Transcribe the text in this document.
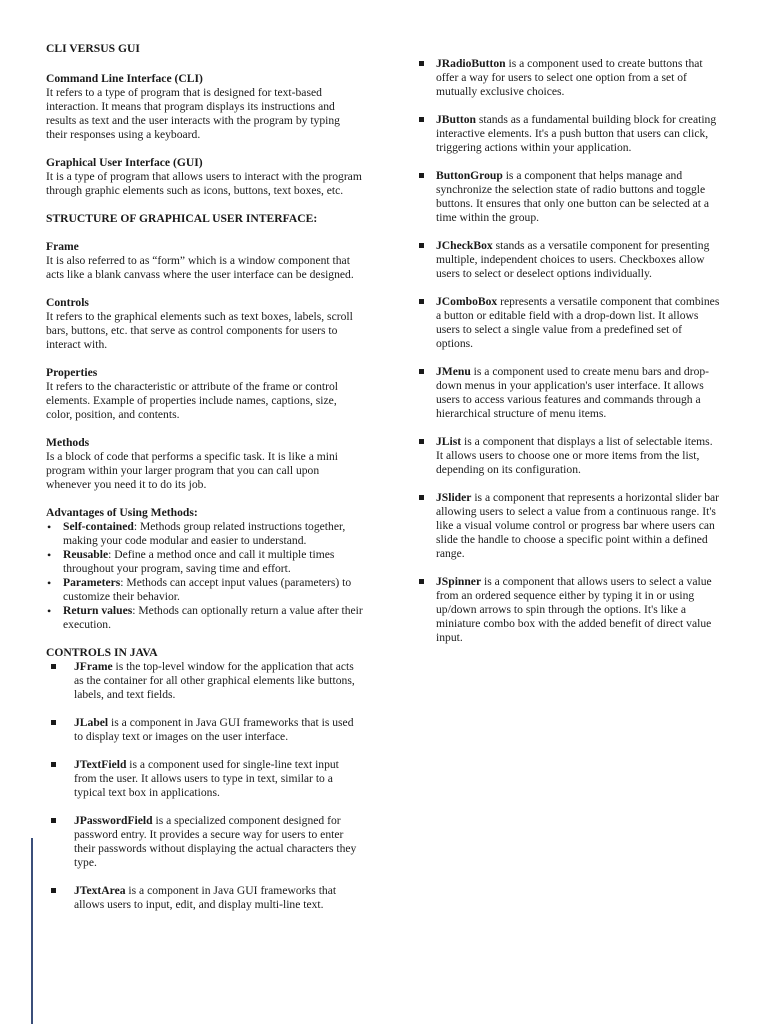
CLI VERSUS GUI
Command Line Interface (CLI)

It refers to a type of program that is designed for text-based interaction. It means that program displays its instructions and results as text and the user interacts with the program by typing their responses using a keyboard.

Graphical User Interface (GUI)

It is a type of program that allows users to interact with the program through graphic elements such as icons, buttons, text boxes, etc.

STRUCTURE OF GRAPHICAL USER INTERFACE:
Frame

It is also referred to as “form” which is a window component that acts like a blank canvass where the user interface can be designed.

Controls

It refers to the graphical elements such as text boxes, labels, scroll bars, buttons, etc. that serve as control components for users to interact with.

Properties

It refers to the characteristic or attribute of the frame or control elements. Example of properties include names, captions, size, color, position, and contents.

Methods

Is a block of code that performs a specific task. It is like a mini program within your larger program that you can call upon whenever you need it to do its job.

Advantages of Using Methods:
• Self-contained: Methods group related instructions together, making your code modular and easier to understand.
• Reusable: Define a method once and call it multiple times throughout your program, saving time and effort.
• Parameters: Methods can accept input values (parameters) to customize their behavior.
• Return values: Methods can optionally return a value after their execution.
CONTROLS IN JAVA
JFrame is the top-level window for the application that acts as the container for all other graphical elements like buttons, labels, and text fields.
JLabel is a component in Java GUI frameworks that is used to display text or images on the user interface.
JTextField is a component used for single-line text input from the user. It allows users to type in text, similar to a typical text box in applications.
JPasswordField is a specialized component designed for password entry. It provides a secure way for users to enter their passwords without displaying the actual characters they type.
JTextArea is a component in Java GUI frameworks that allows users to input, edit, and display multi-line text.
JRadioButton is a component used to create buttons that offer a way for users to select one option from a set of mutually exclusive choices.
JButton stands as a fundamental building block for creating interactive elements. It's a push button that users can click, triggering actions within your application.
ButtonGroup is a component that helps manage and synchronize the selection state of radio buttons and toggle buttons. It ensures that only one button can be selected at a time within the group.
JCheckBox stands as a versatile component for presenting multiple, independent choices to users. Checkboxes allow users to select or deselect options individually.
JComboBox represents a versatile component that combines a button or editable field with a drop-down list. It allows users to select a single value from a predefined set of options.
JMenu is a component used to create menu bars and drop-down menus in your application's user interface. It allows users to access various features and commands through a hierarchical structure of menu items.
JList is a component that displays a list of selectable items. It allows users to choose one or more items from the list, depending on its configuration.
JSlider is a component that represents a horizontal slider bar allowing users to select a value from a continuous range. It's like a visual volume control or progress bar where users can slide the handle to choose a specific point within a defined range.
JSpinner is a component that allows users to select a value from an ordered sequence either by typing it in or using up/down arrows to spin through the options. It's like a miniature combo box with the added benefit of direct value input.
